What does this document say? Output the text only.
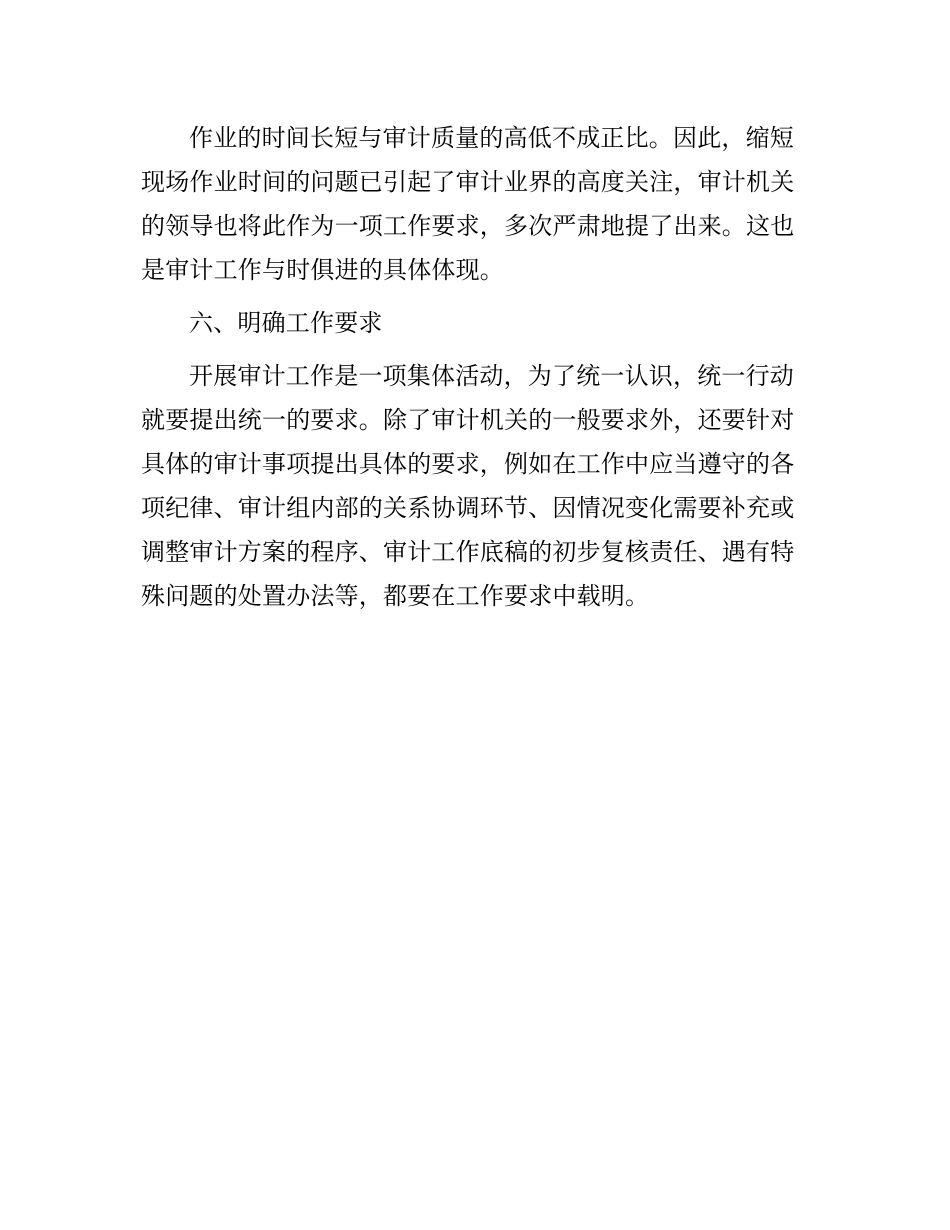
作业的时间长短与审计质量的高低不成正比。因此，缩短
现场作业时间的问题已引起了审计业界的高度关注，审计机关
的领导也将此作为一项工作要求，多次严肃地提了出来。这也
是审计工作与时俱进的具体体现。
六、明确工作要求
开展审计工作是一项集体活动，为了统一认识，统一行动
就要提出统一的要求。除了审计机关的一般要求外，还要针对
具体的审计事项提出具体的要求，例如在工作中应当遵守的各
项纪律、审计组内部的关系协调环节、因情况变化需要补充或
调整审计方案的程序、审计工作底稿的初步复核责任、遇有特
殊问题的处置办法等，都要在工作要求中载明。
